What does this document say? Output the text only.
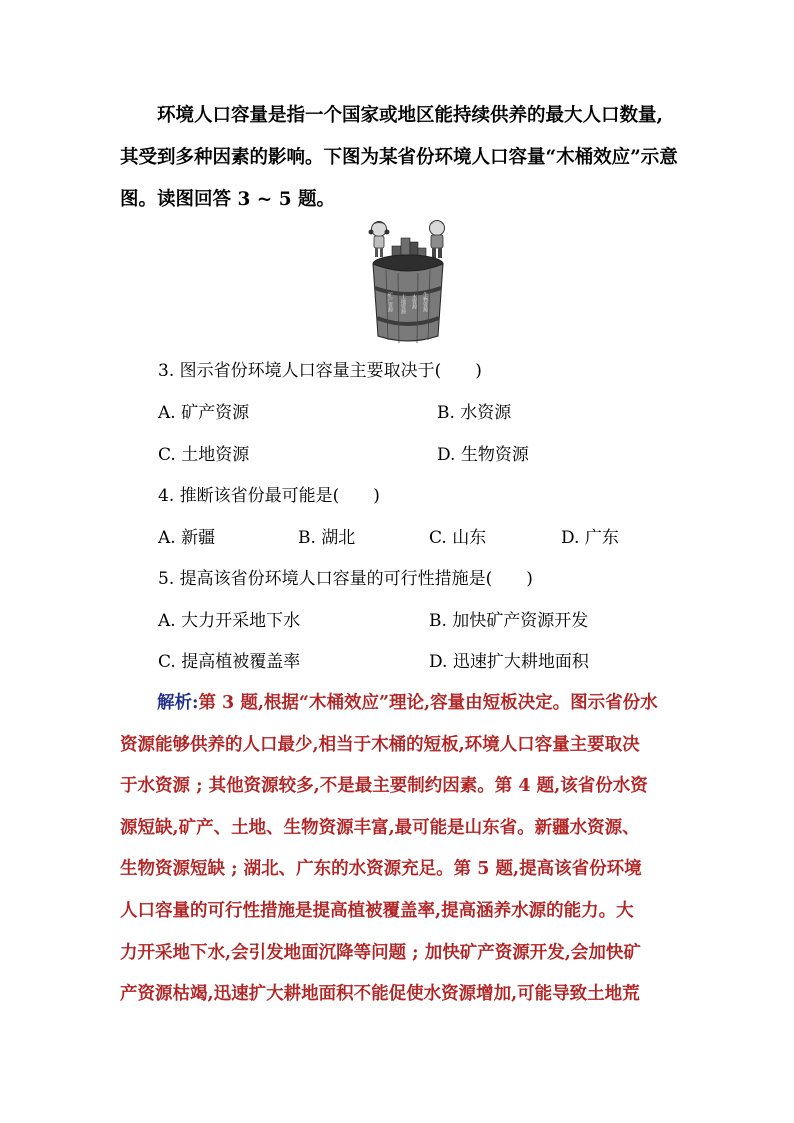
环境人口容量是指一个国家或地区能持续供养的最大人口数量,
其受到多种因素的影响。下图为某省份环境人口容量“木桶效应”示意
图。读图回答 3 ~ 5 题。
矿产资源 土地资源 水资源 生物资源
3. 图示省份环境人口容量主要取决于(　　)
A. 矿产资源	B. 水资源
C. 土地资源	D. 生物资源
4. 推断该省份最可能是(　　)
A. 新疆	B. 湖北	C. 山东	D. 广东
5. 提高该省份环境人口容量的可行性措施是(　　)
A. 大力开采地下水	B. 加快矿产资源开发
C. 提高植被覆盖率	D. 迅速扩大耕地面积
解析:第 3 题,根据“木桶效应”理论,容量由短板决定。图示省份水
资源能够供养的人口最少,相当于木桶的短板,环境人口容量主要取决
于水资源 ; 其他资源较多,不是最主要制约因素。第 4 题,该省份水资
源短缺,矿产、土地、生物资源丰富,最可能是山东省。新疆水资源、
生物资源短缺 ; 湖北、广东的水资源充足。第 5 题,提高该省份环境
人口容量的可行性措施是提高植被覆盖率,提高涵养水源的能力。大
力开采地下水,会引发地面沉降等问题 ; 加快矿产资源开发,会加快矿
产资源枯竭,迅速扩大耕地面积不能促使水资源增加,可能导致土地荒
